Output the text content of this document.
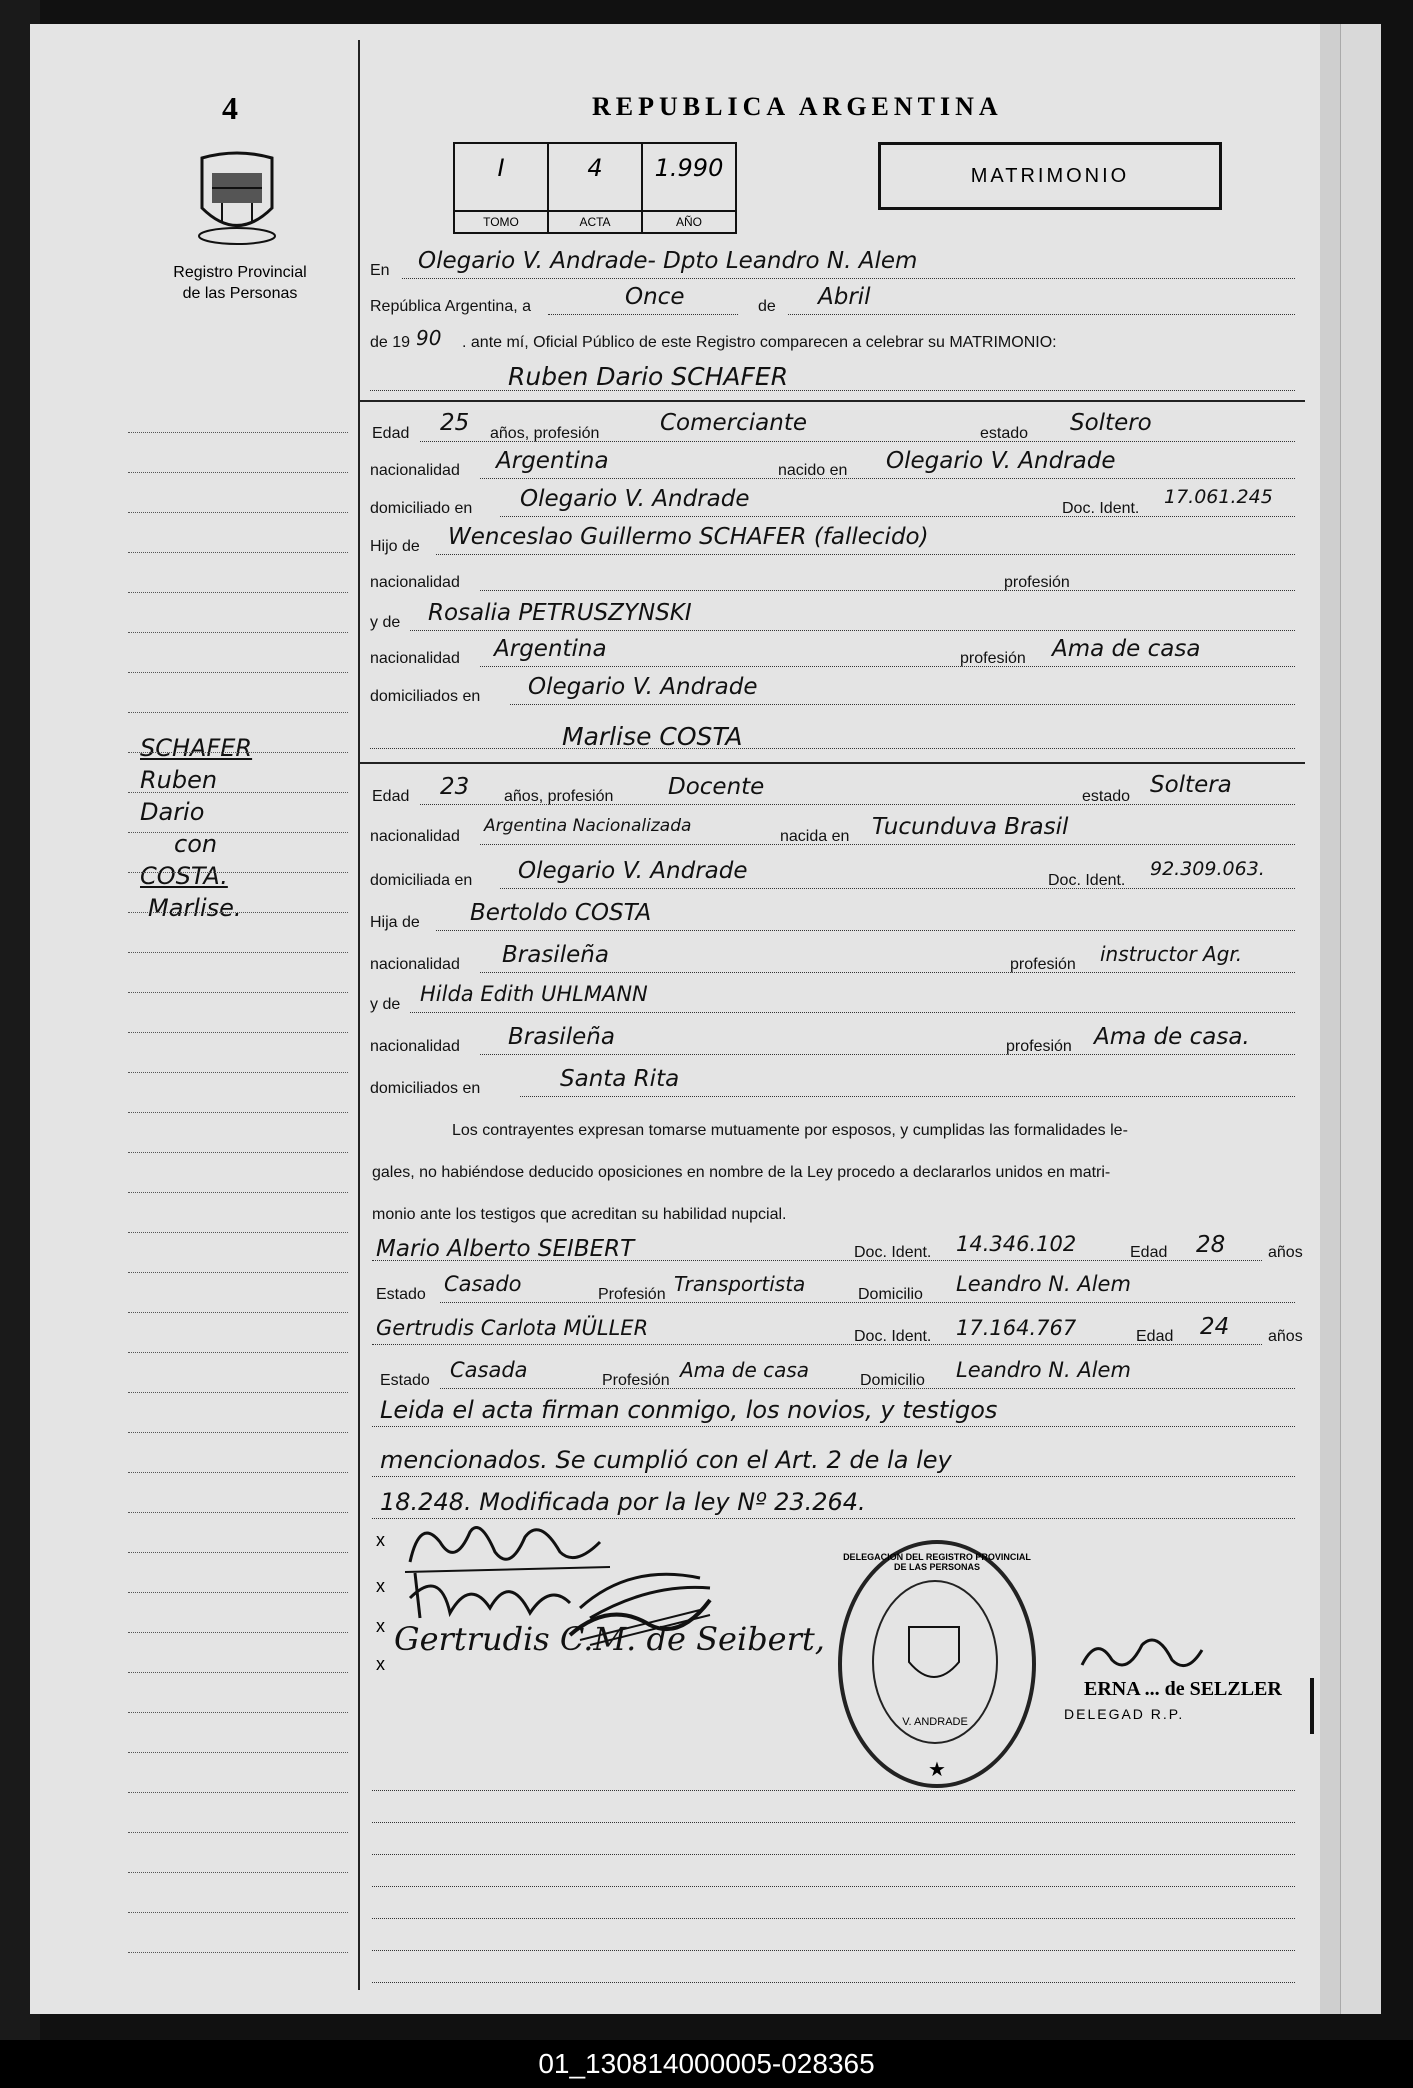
4
Registro Provincial
de las Personas
SCHAFER
Ruben
Dario
con
COSTA.
Marlise.
REPUBLICA ARGENTINA
I
TOMO
4
ACTA
1.990
AÑO
MATRIMONIO
En Olegario V. Andrade- Dpto Leandro N. Alem
República Argentina, a	Once	de Abril
de 19 90 . ante mí, Oficial Público de este Registro comparecen a celebrar su MATRIMONIO:
Ruben Dario SCHAFER
Edad 25 años, profesión	Comerciante	estado Soltero
nacionalidad Argentina	nacido en Olegario V. Andrade
domiciliado en Olegario V. Andrade	Doc. Ident.
17.061.245
Hijo de Wenceslao Guillermo SCHAFER (fallecido)
nacionalidad	profesión
y de Rosalia PETRUSZYNSKI
nacionalidad Argentina	profesión Ama de casa
domiciliados en Olegario V. Andrade
Marlise COSTA
Edad 23 años, profesión Docente	estado Soltera
nacionalidad
Argentina Nacionalizada
nacida en Tucunduva Brasil
domiciliada en Olegario V. Andrade	Doc. Ident.
92.309.063.
Hija de Bertoldo COSTA
nacionalidad Brasileña	profesión instructor Agr.
y de Hilda Edith UHLMANN
nacionalidad Brasileña	profesión Ama de casa.
domiciliados en	Santa Rita
Los contrayentes expresan tomarse mutuamente por esposos, y cumplidas las formalidades le-
gales, no habiéndose deducido oposiciones en nombre de la Ley procedo a declararlos unidos en matri-
monio ante los testigos que acreditan su habilidad nupcial.
Mario Alberto SEIBERT	Doc. Ident. 14.346.102	Edad 28	años
Estado Casado	Profesión Transportista	Domicilio Leandro N. Alem
Gertrudis Carlota MÜLLER	Doc. Ident. 17.164.767	Edad 24 años
Estado Casada	Profesión Ama de casa	Domicilio Leandro N. Alem
Leida el acta firman conmigo, los novios, y testigos
mencionados. Se cumplió con el Art. 2 de la ley
18.248. Modificada por la ley Nº 23.264.
x
x
x
x
Gertrudis C.M. de Seibert,
DELEGACION DEL REGISTRO PROVINCIAL DE LAS PERSONAS
V. ANDRADE
★
ERNA ... de SELZLER
DELEGAD R.P.
01_130814000005-028365
